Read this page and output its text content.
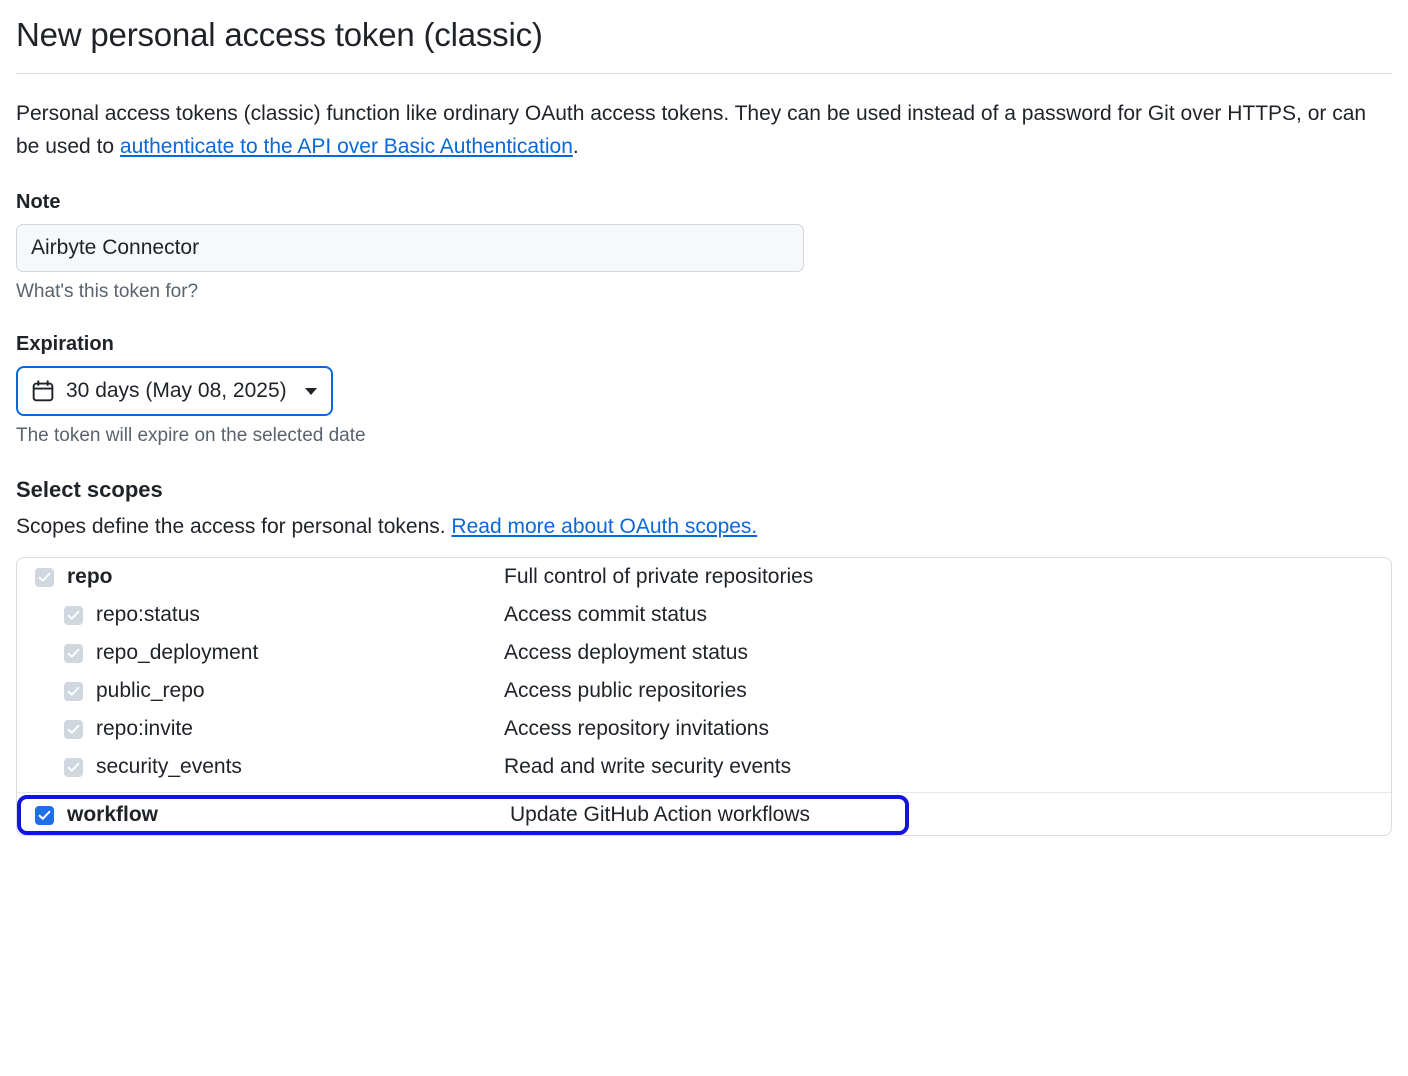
New personal access token (classic)

Personal access tokens (classic) function like ordinary OAuth access tokens. They can be used instead of a password for Git over HTTPS, or can be used to authenticate to the API over Basic Authentication.

Note
Airbyte Connector

What's this token for?

Expiration
30 days (May 08, 2025)

The token will expire on the selected date

Select scopes

Scopes define the access for personal tokens. Read more about OAuth scopes.

repo	Full control of private repositories
repo:status	Access commit status
repo_deployment	Access deployment status
public_repo	Access public repositories
repo:invite	Access repository invitations
security_events	Read and write security events
workflow	Update GitHub Action workflows
